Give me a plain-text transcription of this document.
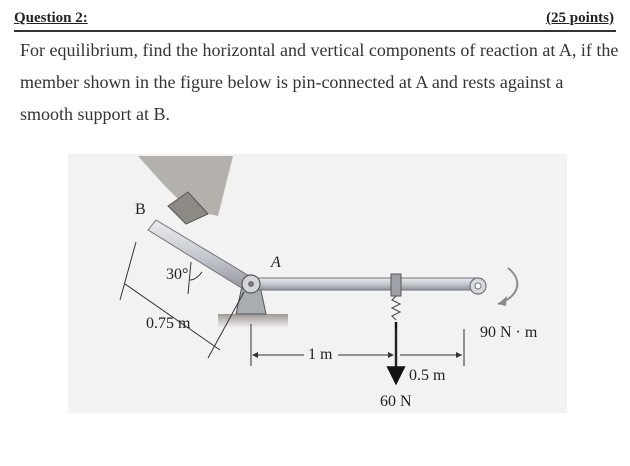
Question 2:	(25 points)
For equilibrium, find the horizontal and vertical components of reaction at A, if the member shown in the figure below is pin-connected at A and rests against a smooth support at B.
B
A
30°
0.75 m
1 m
0.5 m
60 N
90 N · m
